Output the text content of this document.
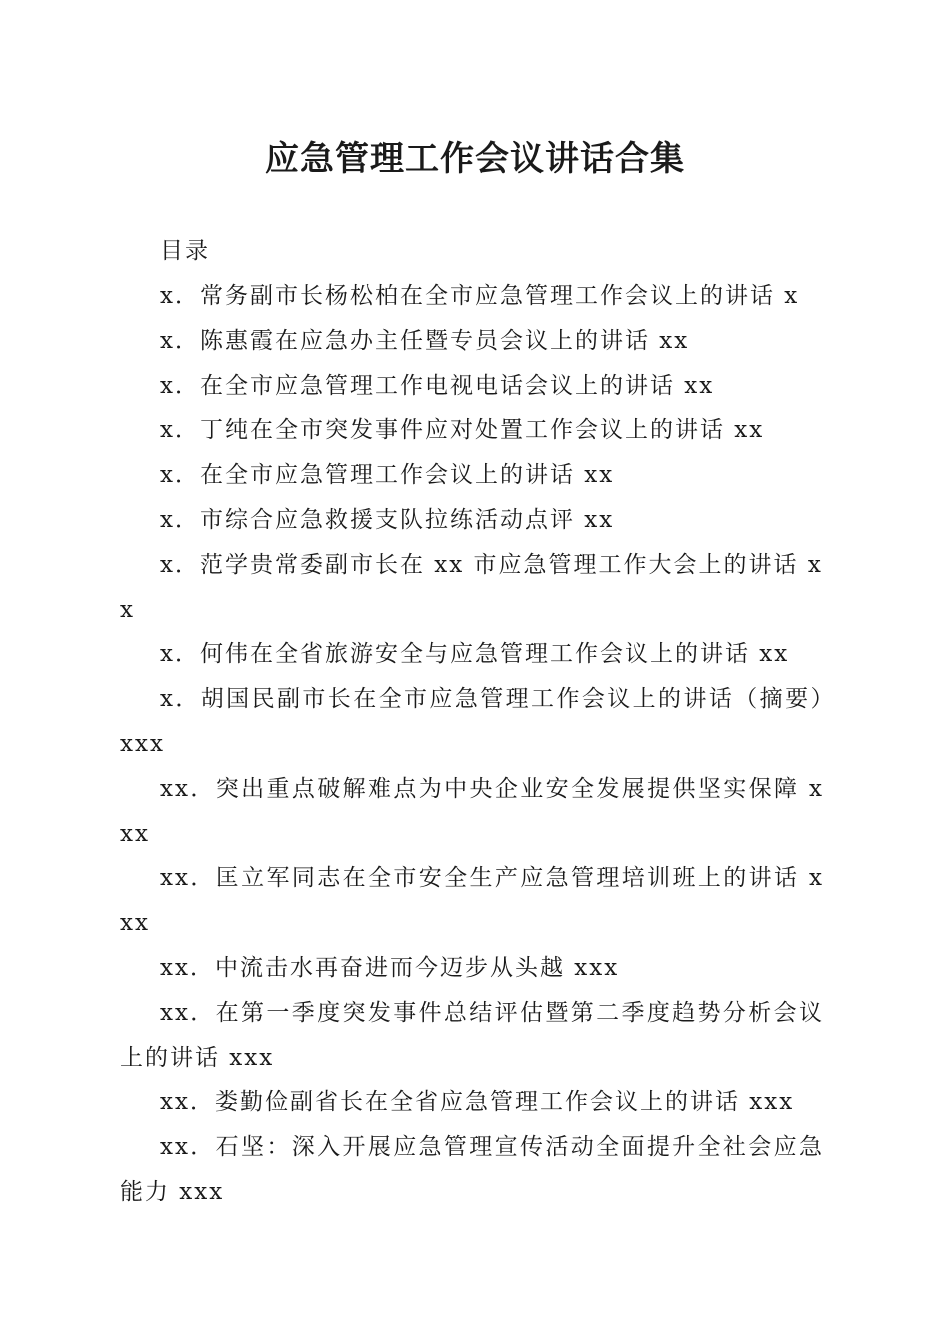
应急管理工作会议讲话合集

目录

x．常务副市长杨松柏在全市应急管理工作会议上的讲话 x
x．陈惠霞在应急办主任暨专员会议上的讲话 xx
x．在全市应急管理工作电视电话会议上的讲话 xx
x．丁纯在全市突发事件应对处置工作会议上的讲话 xx
x．在全市应急管理工作会议上的讲话 xx
x．市综合应急救援支队拉练活动点评 xx
x．范学贵常委副市长在 xx 市应急管理工作大会上的讲话 xx
x．何伟在全省旅游安全与应急管理工作会议上的讲话 xx
x．胡国民副市长在全市应急管理工作会议上的讲话（摘要）xxx
xx．突出重点破解难点为中央企业安全发展提供坚实保障 xxx
xx．匡立军同志在全市安全生产应急管理培训班上的讲话 xxx
xx．中流击水再奋进而今迈步从头越 xxx
xx．在第一季度突发事件总结评估暨第二季度趋势分析会议上的讲话 xxx
xx．娄勤俭副省长在全省应急管理工作会议上的讲话 xxx
xx．石坚：深入开展应急管理宣传活动全面提升全社会应急能力 xxx
